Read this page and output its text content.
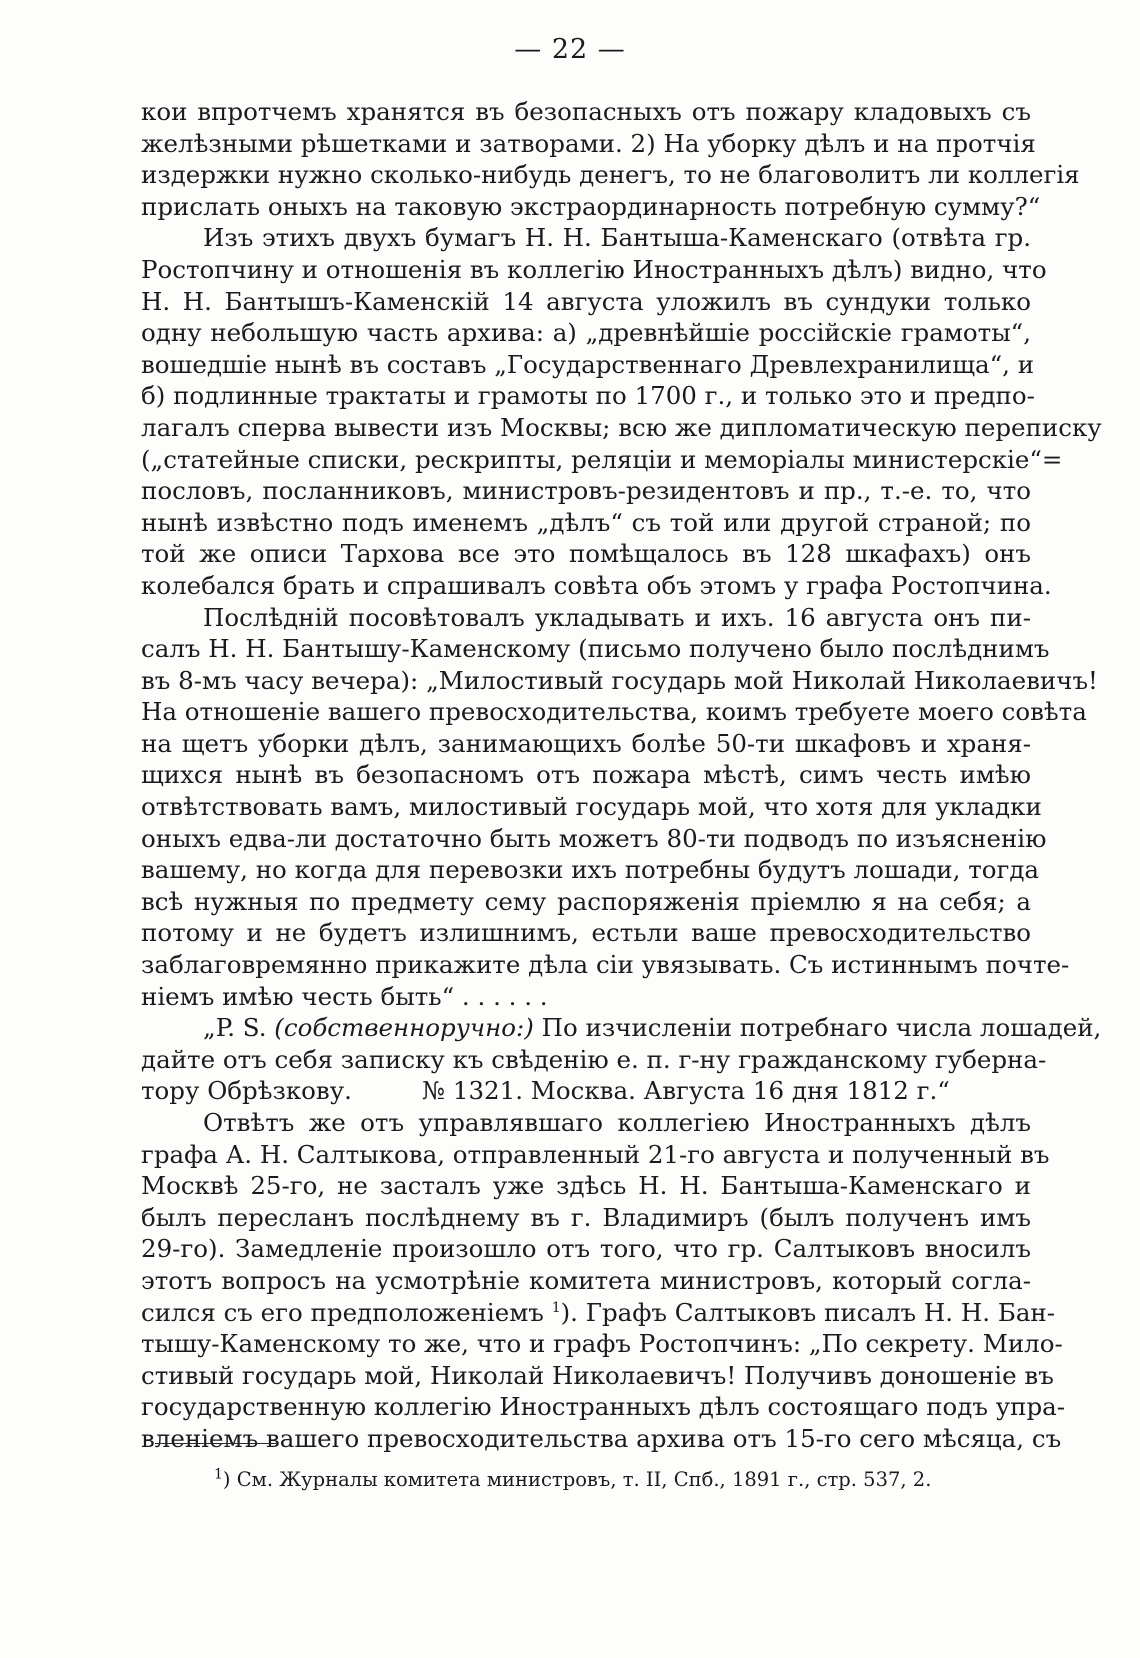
— 22 —
кои впротчемъ хранятся въ безопасныхъ отъ пожару кладовыхъ съ
желѣзными рѣшетками и затворами. 2) На уборку дѣлъ и на протчія
издержки нужно сколько-нибудь денегъ, то не благоволитъ ли коллегія
прислать оныхъ на таковую экстраординарность потребную сумму?“
Изъ этихъ двухъ бумагъ Н. Н. Бантыша-Каменскаго (отвѣта гр.
Ростопчину и отношенія въ коллегію Иностранныхъ дѣлъ) видно, что
Н. Н. Бантышъ-Каменскій 14 августа уложилъ въ сундуки только
одну небольшую часть архива: а) „древнѣйшіе россійскіе грамоты“,
вошедшіе нынѣ въ составъ „Государственнаго Древлехранилища“, и
б) подлинные трактаты и грамоты по 1700 г., и только это и предпо-
лагалъ сперва вывести изъ Москвы; всю же дипломатическую переписку
(„статейные списки, рескрипты, реляціи и меморіалы министерскіе“=
пословъ, посланниковъ, министровъ-резидентовъ и пр., т.-е. то, что
нынѣ извѣстно подъ именемъ „дѣлъ“ съ той или другой страной; по
той же описи Тархова все это помѣщалось въ 128 шкафахъ) онъ
колебался брать и спрашивалъ совѣта объ этомъ у графа Ростопчина.
Послѣдній посовѣтовалъ укладывать и ихъ. 16 августа онъ пи-
салъ Н. Н. Бантышу-Каменскому (письмо получено было послѣднимъ
въ 8-мъ часу вечера): „Милостивый государь мой Николай Николаевичъ!
На отношеніе вашего превосходительства, коимъ требуете моего совѣта
на щетъ уборки дѣлъ, занимающихъ болѣе 50-ти шкафовъ и храня-
щихся нынѣ въ безопасномъ отъ пожара мѣстѣ, симъ честь имѣю
отвѣтствовать вамъ, милостивый государь мой, что хотя для укладки
оныхъ едва-ли достаточно быть можетъ 80-ти подводъ по изъясненію
вашему, но когда для перевозки ихъ потребны будутъ лошади, тогда
всѣ нужныя по предмету сему распоряженія пріемлю я на себя; а
потому и не будетъ излишнимъ, естьли ваше превосходительство
заблаговремянно прикажите дѣла сіи увязывать. Съ истиннымъ почте-
ніемъ имѣю честь быть“ . . . . . .
„P. S. (собственноручно:) По изчисленіи потребнаго числа лошадей,
дайте отъ себя записку къ свѣденію е. п. г-ну гражданскому губерна-
тору Обрѣзкову.	№ 1321. Москва. Августа 16 дня 1812 г.“
Отвѣтъ же отъ управлявшаго коллегіею Иностранныхъ дѣлъ
графа А. Н. Салтыкова, отправленный 21-го августа и полученный въ
Москвѣ 25-го, не засталъ уже здѣсь Н. Н. Бантыша-Каменскаго и
былъ пересланъ послѣднему въ г. Владимиръ (былъ полученъ имъ
29-го). Замедленіе произошло отъ того, что гр. Салтыковъ вносилъ
этотъ вопросъ на усмотрѣніе комитета министровъ, который согла-
сился съ его предположеніемъ $^1$). Графъ Салтыковъ писалъ Н. Н. Бан-
тышу-Каменскому то же, что и графъ Ростопчинъ: „По секрету. Мило-
стивый государь мой, Николай Николаевичъ! Получивъ доношеніе въ
государственную коллегію Иностранныхъ дѣлъ состоящаго подъ упра-
вленіемъ вашего превосходительства архива отъ 15-го сего мѣсяца, съ
$^1$) См. Журналы комитета министровъ, т. II, Спб., 1891 г., стр. 537, 2.
